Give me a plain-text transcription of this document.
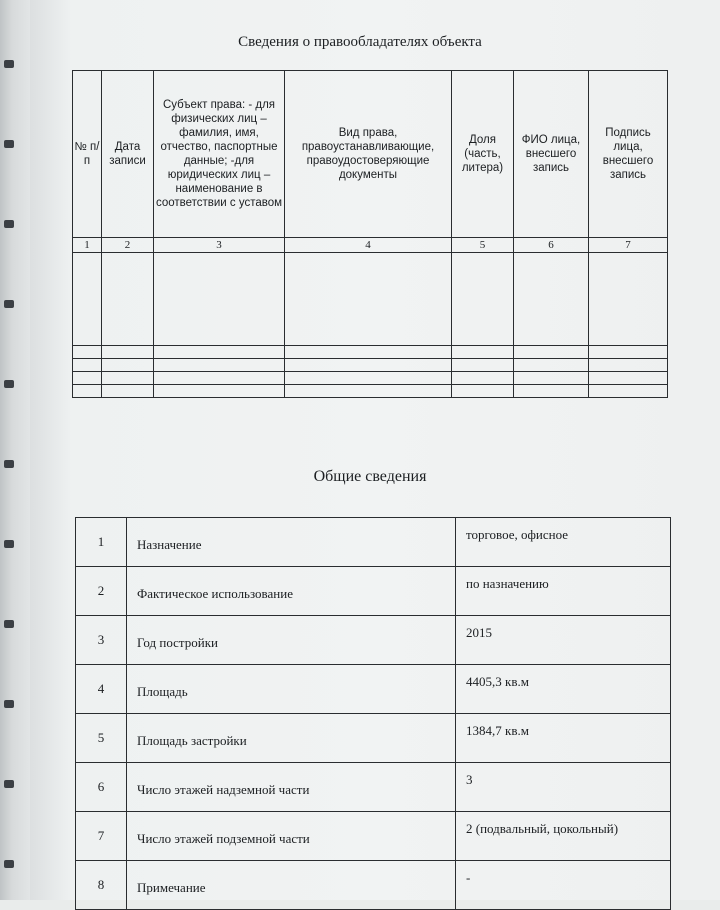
Сведения о правообладателях объекта
№ п/п	Дата записи	Субъект права: - для физических лиц – фамилия, имя, отчество, паспортные данные; -для юридических лиц – наименование в соответствии с уставом	Вид права, правоустанавливающие, правоудостоверяющие документы	Доля (часть, литера)	ФИО лица, внесшего запись	Подпись лица, внесшего запись
1	2	3	4	5	6	7

Общие сведения
1	Назначение	торговое, офисное
2	Фактическое использование	по назначению
3	Год постройки	2015
4	Площадь	4405,3 кв.м
5	Площадь застройки	1384,7 кв.м
6	Число этажей надземной части	3
7	Число этажей подземной части	2 (подвальный, цокольный)
8	Примечание	-
